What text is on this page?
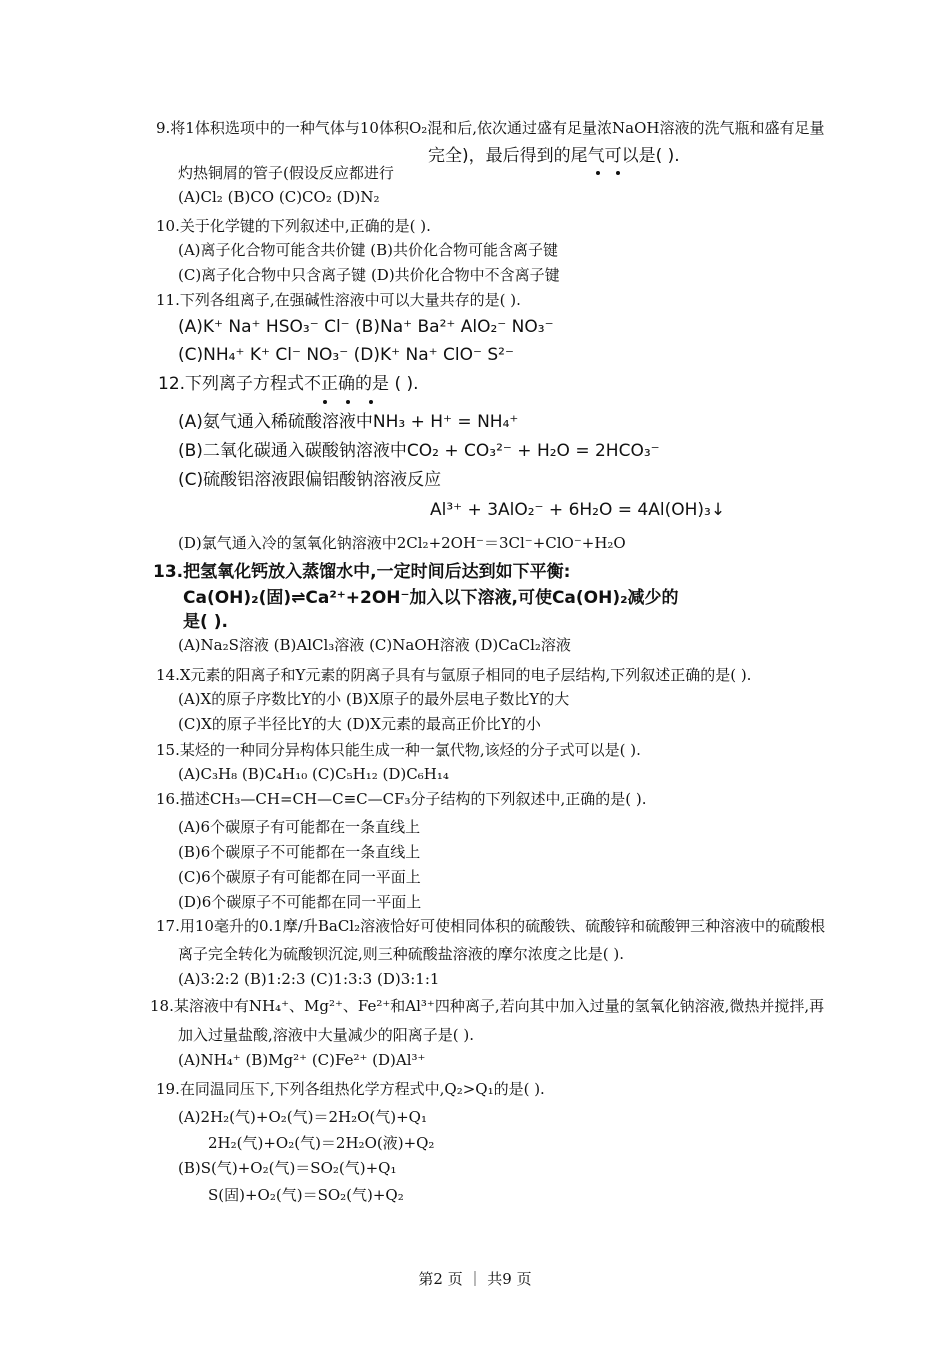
9.将1体积选项中的一种气体与10体积O₂混和后,依次通过盛有足量浓NaOH溶液的洗气瓶和盛有足量
完全)，最后得到的尾气可以是( ).
灼热铜屑的管子(假设反应都进行
(A)Cl₂ (B)CO (C)CO₂ (D)N₂
10.关于化学键的下列叙述中,正确的是( ).
(A)离子化合物可能含共价键 (B)共价化合物可能含离子键
(C)离子化合物中只含离子键 (D)共价化合物中不含离子键
11.下列各组离子,在强碱性溶液中可以大量共存的是( ).
(A)K⁺ Na⁺ HSO₃⁻ Cl⁻ (B)Na⁺ Ba²⁺ AlO₂⁻ NO₃⁻
(C)NH₄⁺ K⁺ Cl⁻ NO₃⁻ (D)K⁺ Na⁺ ClO⁻ S²⁻
12.下列离子方程式不正确的是 ( ).
(A)氨气通入稀硫酸溶液中NH₃ + H⁺ = NH₄⁺
(B)二氧化碳通入碳酸钠溶液中CO₂ + CO₃²⁻ + H₂O = 2HCO₃⁻
(C)硫酸铝溶液跟偏铝酸钠溶液反应
Al³⁺ + 3AlO₂⁻ + 6H₂O = 4Al(OH)₃↓
(D)氯气通入冷的氢氧化钠溶液中2Cl₂+2OH⁻＝3Cl⁻+ClO⁻+H₂O
13.把氢氧化钙放入蒸馏水中,一定时间后达到如下平衡:
Ca(OH)₂(固)⇌Ca²⁺+2OH⁻加入以下溶液,可使Ca(OH)₂减少的
是( ).
(A)Na₂S溶液 (B)AlCl₃溶液 (C)NaOH溶液 (D)CaCl₂溶液
14.X元素的阳离子和Y元素的阴离子具有与氩原子相同的电子层结构,下列叙述正确的是( ).
(A)X的原子序数比Y的小 (B)X原子的最外层电子数比Y的大
(C)X的原子半径比Y的大 (D)X元素的最高正价比Y的小
15.某烃的一种同分异构体只能生成一种一氯代物,该烃的分子式可以是( ).
(A)C₃H₈ (B)C₄H₁₀ (C)C₅H₁₂ (D)C₆H₁₄
16.描述CH₃—CH=CH—C≡C—CF₃分子结构的下列叙述中,正确的是( ).
(A)6个碳原子有可能都在一条直线上
(B)6个碳原子不可能都在一条直线上
(C)6个碳原子有可能都在同一平面上
(D)6个碳原子不可能都在同一平面上
17.用10毫升的0.1摩/升BaCl₂溶液恰好可使相同体积的硫酸铁、硫酸锌和硫酸钾三种溶液中的硫酸根
离子完全转化为硫酸钡沉淀,则三种硫酸盐溶液的摩尔浓度之比是( ).
(A)3:2:2 (B)1:2:3 (C)1:3:3 (D)3:1:1
18.某溶液中有NH₄⁺、Mg²⁺、Fe²⁺和Al³⁺四种离子,若向其中加入过量的氢氧化钠溶液,微热并搅拌,再
加入过量盐酸,溶液中大量减少的阳离子是( ).
(A)NH₄⁺ (B)Mg²⁺ (C)Fe²⁺ (D)Al³⁺
19.在同温同压下,下列各组热化学方程式中,Q₂>Q₁的是( ).
(A)2H₂(气)+O₂(气)＝2H₂O(气)+Q₁
2H₂(气)+O₂(气)＝2H₂O(液)+Q₂
(B)S(气)+O₂(气)＝SO₂(气)+Q₁
S(固)+O₂(气)＝SO₂(气)+Q₂
第2 页 ｜ 共9 页
